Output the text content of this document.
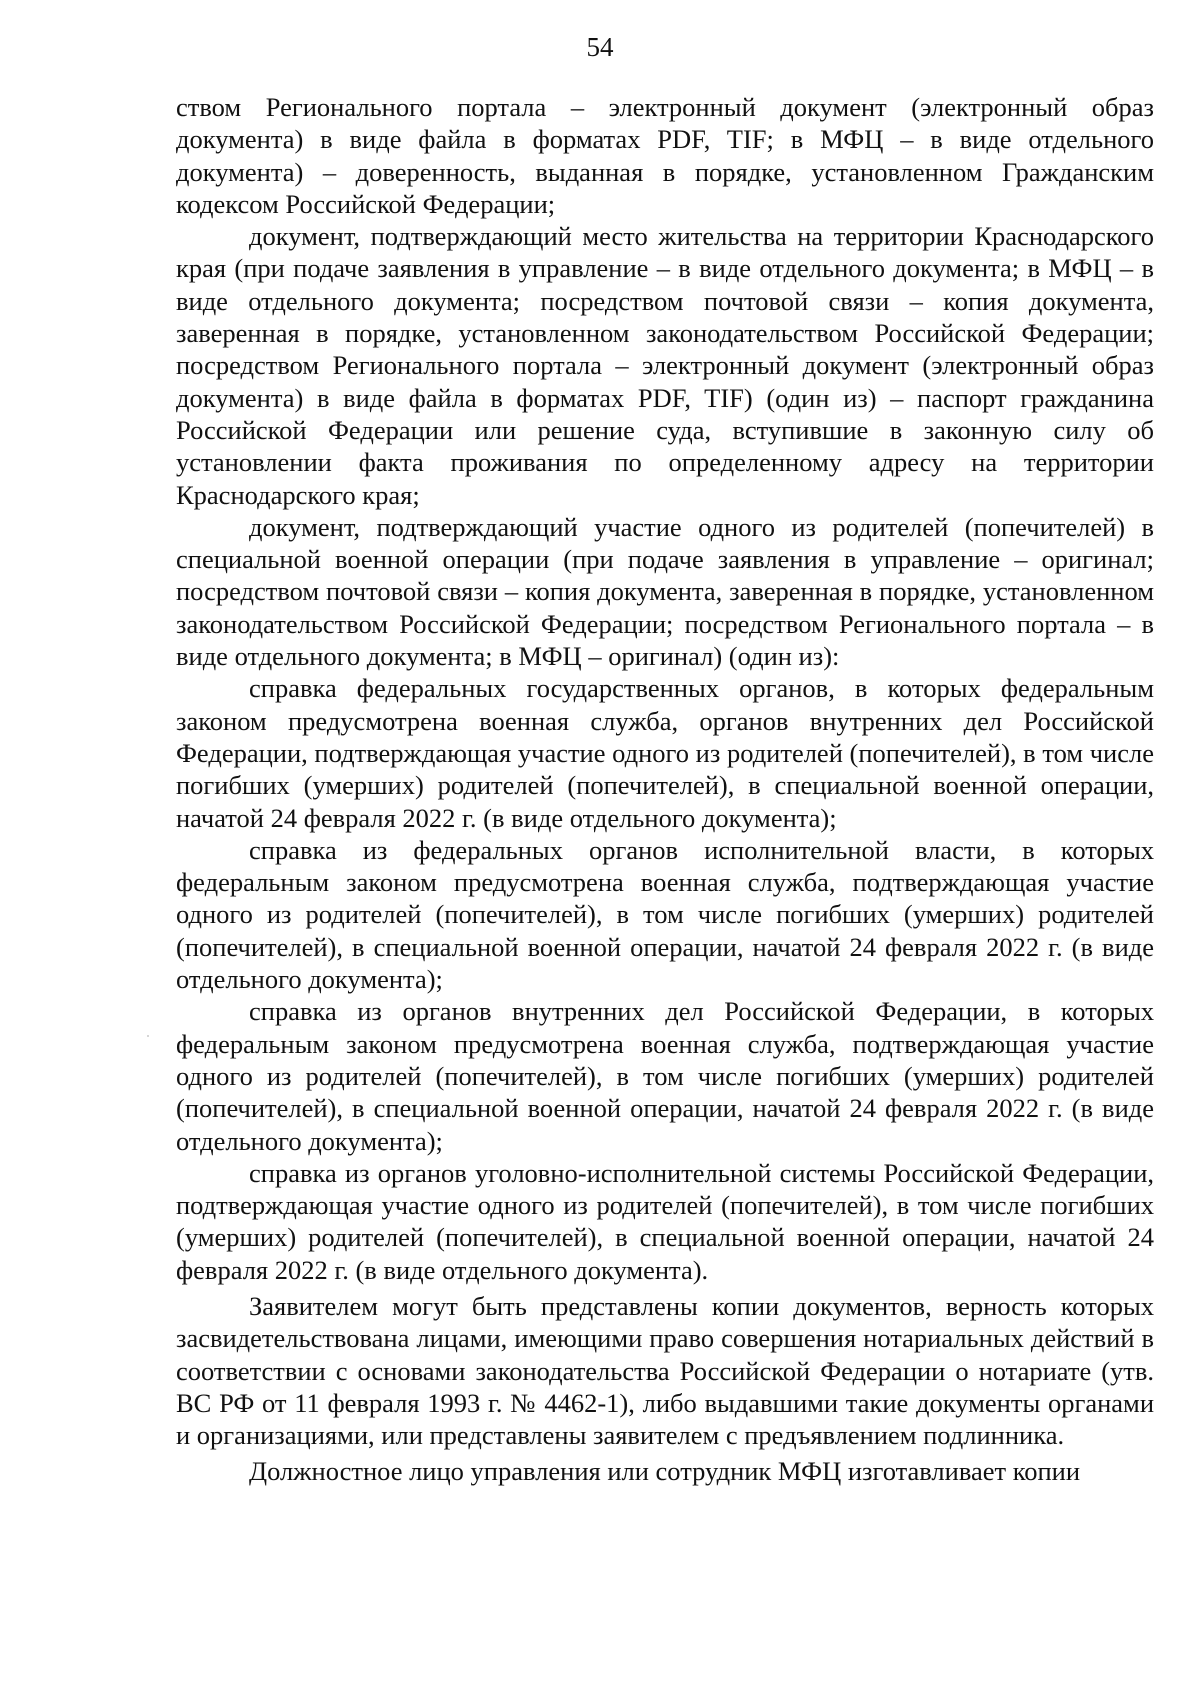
54

ством Регионального портала – электронный документ (электронный образ документа) в виде файла в форматах PDF, TIF; в МФЦ – в виде отдельного документа) – доверенность, выданная в порядке, установленном Гражданским кодексом Российской Федерации;

документ, подтверждающий место жительства на территории Краснодарского края (при подаче заявления в управление – в виде отдельного документа; в МФЦ – в виде отдельного документа; посредством почтовой связи – копия документа, заверенная в порядке, установленном законодательством Российской Федерации; посредством Регионального портала – электронный документ (электронный образ документа) в виде файла в форматах PDF, TIF) (один из) – паспорт гражданина Российской Федерации или решение суда, вступившие в законную силу об установлении факта проживания по определенному адресу на территории Краснодарского края;

документ, подтверждающий участие одного из родителей (попечителей) в специальной военной операции (при подаче заявления в управление – оригинал; посредством почтовой связи – копия документа, заверенная в порядке, установленном законодательством Российской Федерации; посредством Регионального портала – в виде отдельного документа; в МФЦ – оригинал) (один из):

справка федеральных государственных органов, в которых федеральным законом предусмотрена военная служба, органов внутренних дел Российской Федерации, подтверждающая участие одного из родителей (попечителей), в том числе погибших (умерших) родителей (попечителей), в специальной военной операции, начатой 24 февраля 2022 г. (в виде отдельного документа);

справка из федеральных органов исполнительной власти, в которых федеральным законом предусмотрена военная служба, подтверждающая участие одного из родителей (попечителей), в том числе погибших (умерших) родителей (попечителей), в специальной военной операции, начатой 24 февраля 2022 г. (в виде отдельного документа);

справка из органов внутренних дел Российской Федерации, в которых федеральным законом предусмотрена военная служба, подтверждающая участие одного из родителей (попечителей), в том числе погибших (умерших) родителей (попечителей), в специальной военной операции, начатой 24 февраля 2022 г. (в виде отдельного документа);

справка из органов уголовно-исполнительной системы Российской Федерации, подтверждающая участие одного из родителей (попечителей), в том числе погибших (умерших) родителей (попечителей), в специальной военной операции, начатой 24 февраля 2022 г. (в виде отдельного документа).

Заявителем могут быть представлены копии документов, верность которых засвидетельствована лицами, имеющими право совершения нотариальных действий в соответствии с основами законодательства Российской Федерации о нотариате (утв. ВС РФ от 11 февраля 1993 г. № 4462-1), либо выдавшими такие документы органами и организациями, или представлены заявителем с предъявлением подлинника.

Должностное лицо управления или сотрудник МФЦ изготавливает копии
